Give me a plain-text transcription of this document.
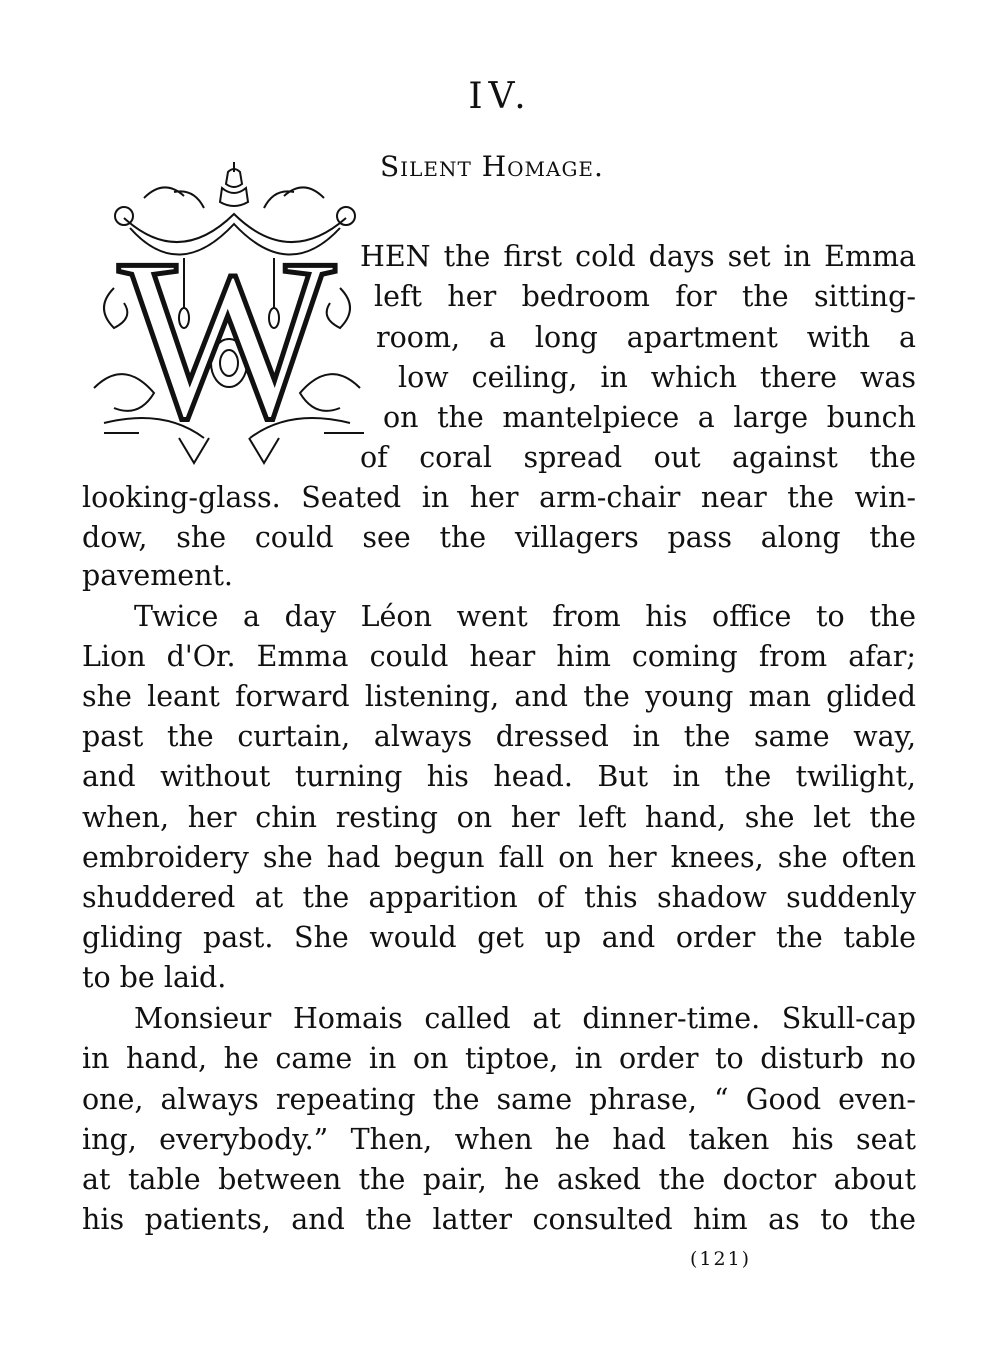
IV.
Silent Homage.
W HEN the first cold days set in Emma
left her bedroom for the sitting-
room, a long apartment with a
low ceiling, in which there was
on the mantelpiece a large bunch
of coral spread out against the
looking-glass. Seated in her arm-chair near the win-
dow, she could see the villagers pass along the
pavement.
Twice a day Léon went from his office to the
Lion d'Or. Emma could hear him coming from afar;
she leant forward listening, and the young man glided
past the curtain, always dressed in the same way,
and without turning his head. But in the twilight,
when, her chin resting on her left hand, she let the
embroidery she had begun fall on her knees, she often
shuddered at the apparition of this shadow suddenly
gliding past. She would get up and order the table
to be laid.
Monsieur Homais called at dinner-time. Skull-cap
in hand, he came in on tiptoe, in order to disturb no
one, always repeating the same phrase, “ Good even-
ing, everybody.” Then, when he had taken his seat
at table between the pair, he asked the doctor about
his patients, and the latter consulted him as to the
(121)
